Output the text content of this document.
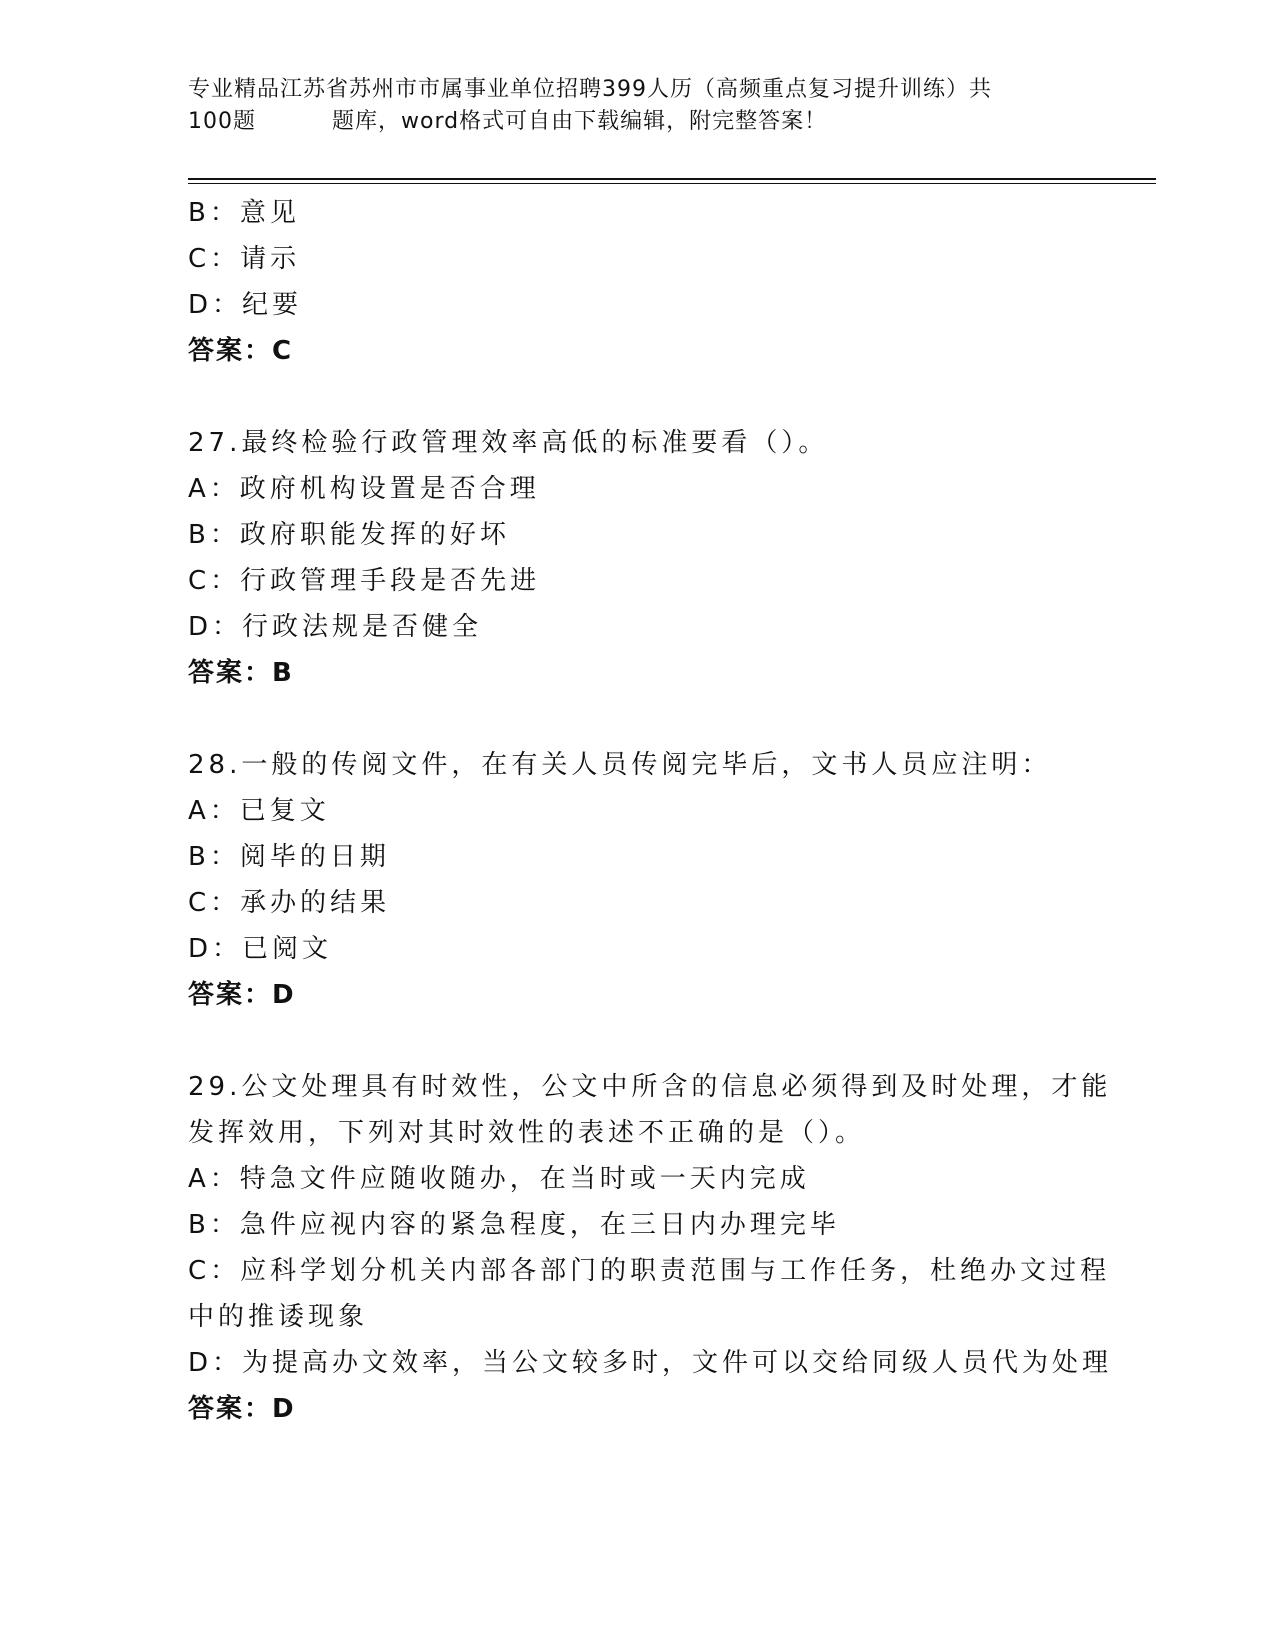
专业精品江苏省苏州市市属事业单位招聘399人历（高频重点复习提升训练）共
100题	题库，word格式可自由下载编辑，附完整答案！
B：意见
C：请示
D：纪要
答案：C
27.最终检验行政管理效率高低的标准要看（）。
A：政府机构设置是否合理
B：政府职能发挥的好坏
C：行政管理手段是否先进
D：行政法规是否健全
答案：B
28.一般的传阅文件，在有关人员传阅完毕后，文书人员应注明：
A：已复文
B：阅毕的日期
C：承办的结果
D：已阅文
答案：D
29.公文处理具有时效性，公文中所含的信息必须得到及时处理，才能
发挥效用，下列对其时效性的表述不正确的是（）。
A：特急文件应随收随办，在当时或一天内完成
B：急件应视内容的紧急程度，在三日内办理完毕
C：应科学划分机关内部各部门的职责范围与工作任务，杜绝办文过程
中的推诿现象
D：为提高办文效率，当公文较多时，文件可以交给同级人员代为处理
答案：D
